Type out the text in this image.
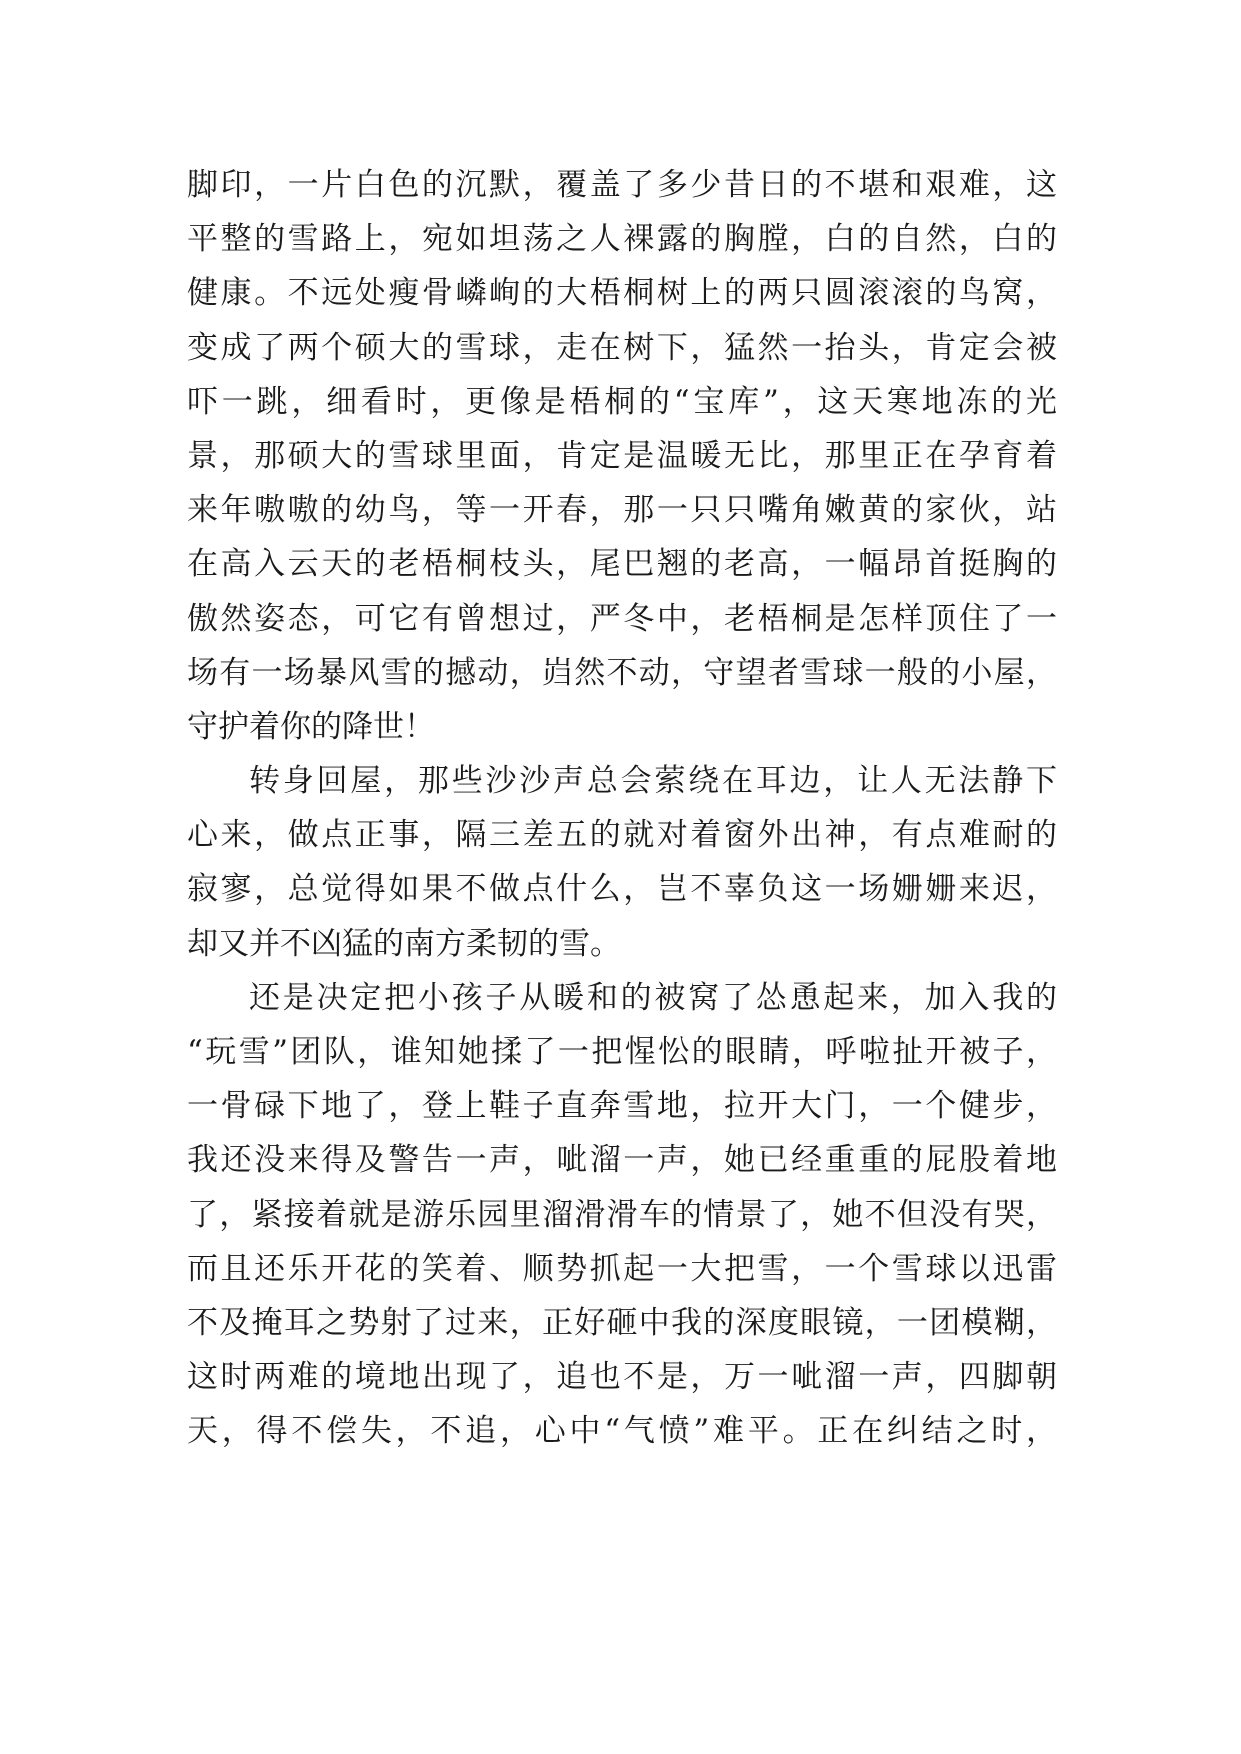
脚印，一片白色的沉默，覆盖了多少昔日的不堪和艰难，这
平整的雪路上，宛如坦荡之人裸露的胸膛，白的自然，白的
健康。不远处瘦骨嶙峋的大梧桐树上的两只圆滚滚的鸟窝，
变成了两个硕大的雪球，走在树下，猛然一抬头，肯定会被
吓一跳，细看时，更像是梧桐的“宝库”，这天寒地冻的光
景，那硕大的雪球里面，肯定是温暖无比，那里正在孕育着
来年嗷嗷的幼鸟，等一开春，那一只只嘴角嫩黄的家伙，站
在高入云天的老梧桐枝头，尾巴翘的老高，一幅昂首挺胸的
傲然姿态，可它有曾想过，严冬中，老梧桐是怎样顶住了一
场有一场暴风雪的撼动，岿然不动，守望者雪球一般的小屋，
守护着你的降世！
转身回屋，那些沙沙声总会萦绕在耳边，让人无法静下
心来，做点正事，隔三差五的就对着窗外出神，有点难耐的
寂寥，总觉得如果不做点什么，岂不辜负这一场姗姗来迟，
却又并不凶猛的南方柔韧的雪。
还是决定把小孩子从暖和的被窝了怂恿起来，加入我的
“玩雪”团队，谁知她揉了一把惺忪的眼睛，呼啦扯开被子，
一骨碌下地了，登上鞋子直奔雪地，拉开大门，一个健步，
我还没来得及警告一声，呲溜一声，她已经重重的屁股着地
了，紧接着就是游乐园里溜滑滑车的情景了，她不但没有哭，
而且还乐开花的笑着、顺势抓起一大把雪，一个雪球以迅雷
不及掩耳之势射了过来，正好砸中我的深度眼镜，一团模糊，
这时两难的境地出现了，追也不是，万一呲溜一声，四脚朝
天，得不偿失，不追，心中“气愤”难平。正在纠结之时，
